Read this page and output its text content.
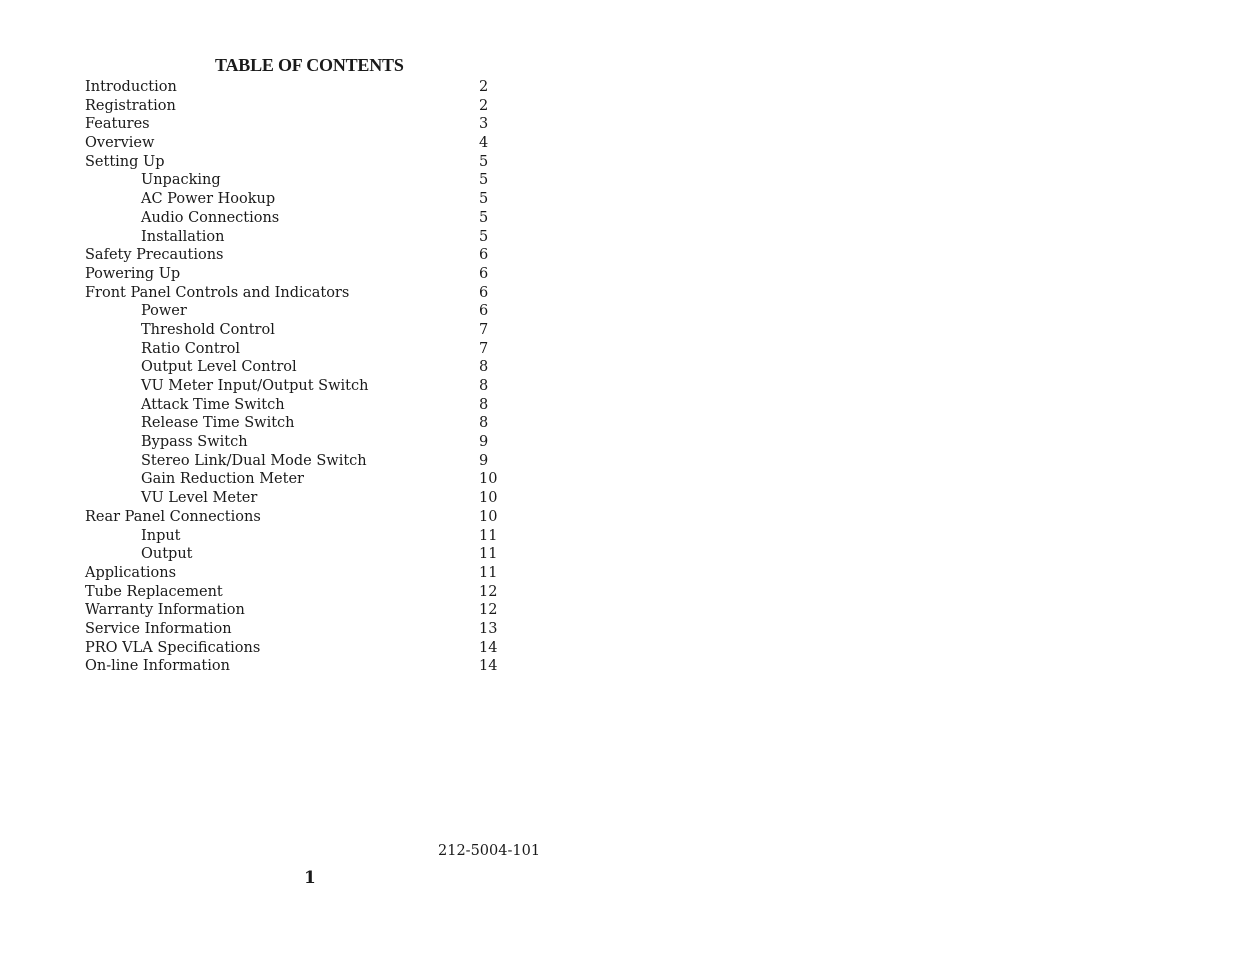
TABLE OF CONTENTS
Introduction	2
Registration	2
Features	3
Overview	4
Setting Up	5
Unpacking	5
AC Power Hookup	5
Audio Connections	5
Installation	5
Safety Precautions	6
Powering Up	6
Front Panel Controls and Indicators	6
Power	6
Threshold Control	7
Ratio Control	7
Output Level Control	8
VU Meter Input/Output Switch	8
Attack Time Switch	8
Release Time Switch	8
Bypass Switch	9
Stereo Link/Dual Mode Switch	9
Gain Reduction Meter	10
VU Level Meter	10
Rear Panel Connections	10
Input	11
Output	11
Applications	11
Tube Replacement	12
Warranty Information	12
Service Information	13
PRO VLA Specifications	14
On-line Information	14
212-5004-101
1
